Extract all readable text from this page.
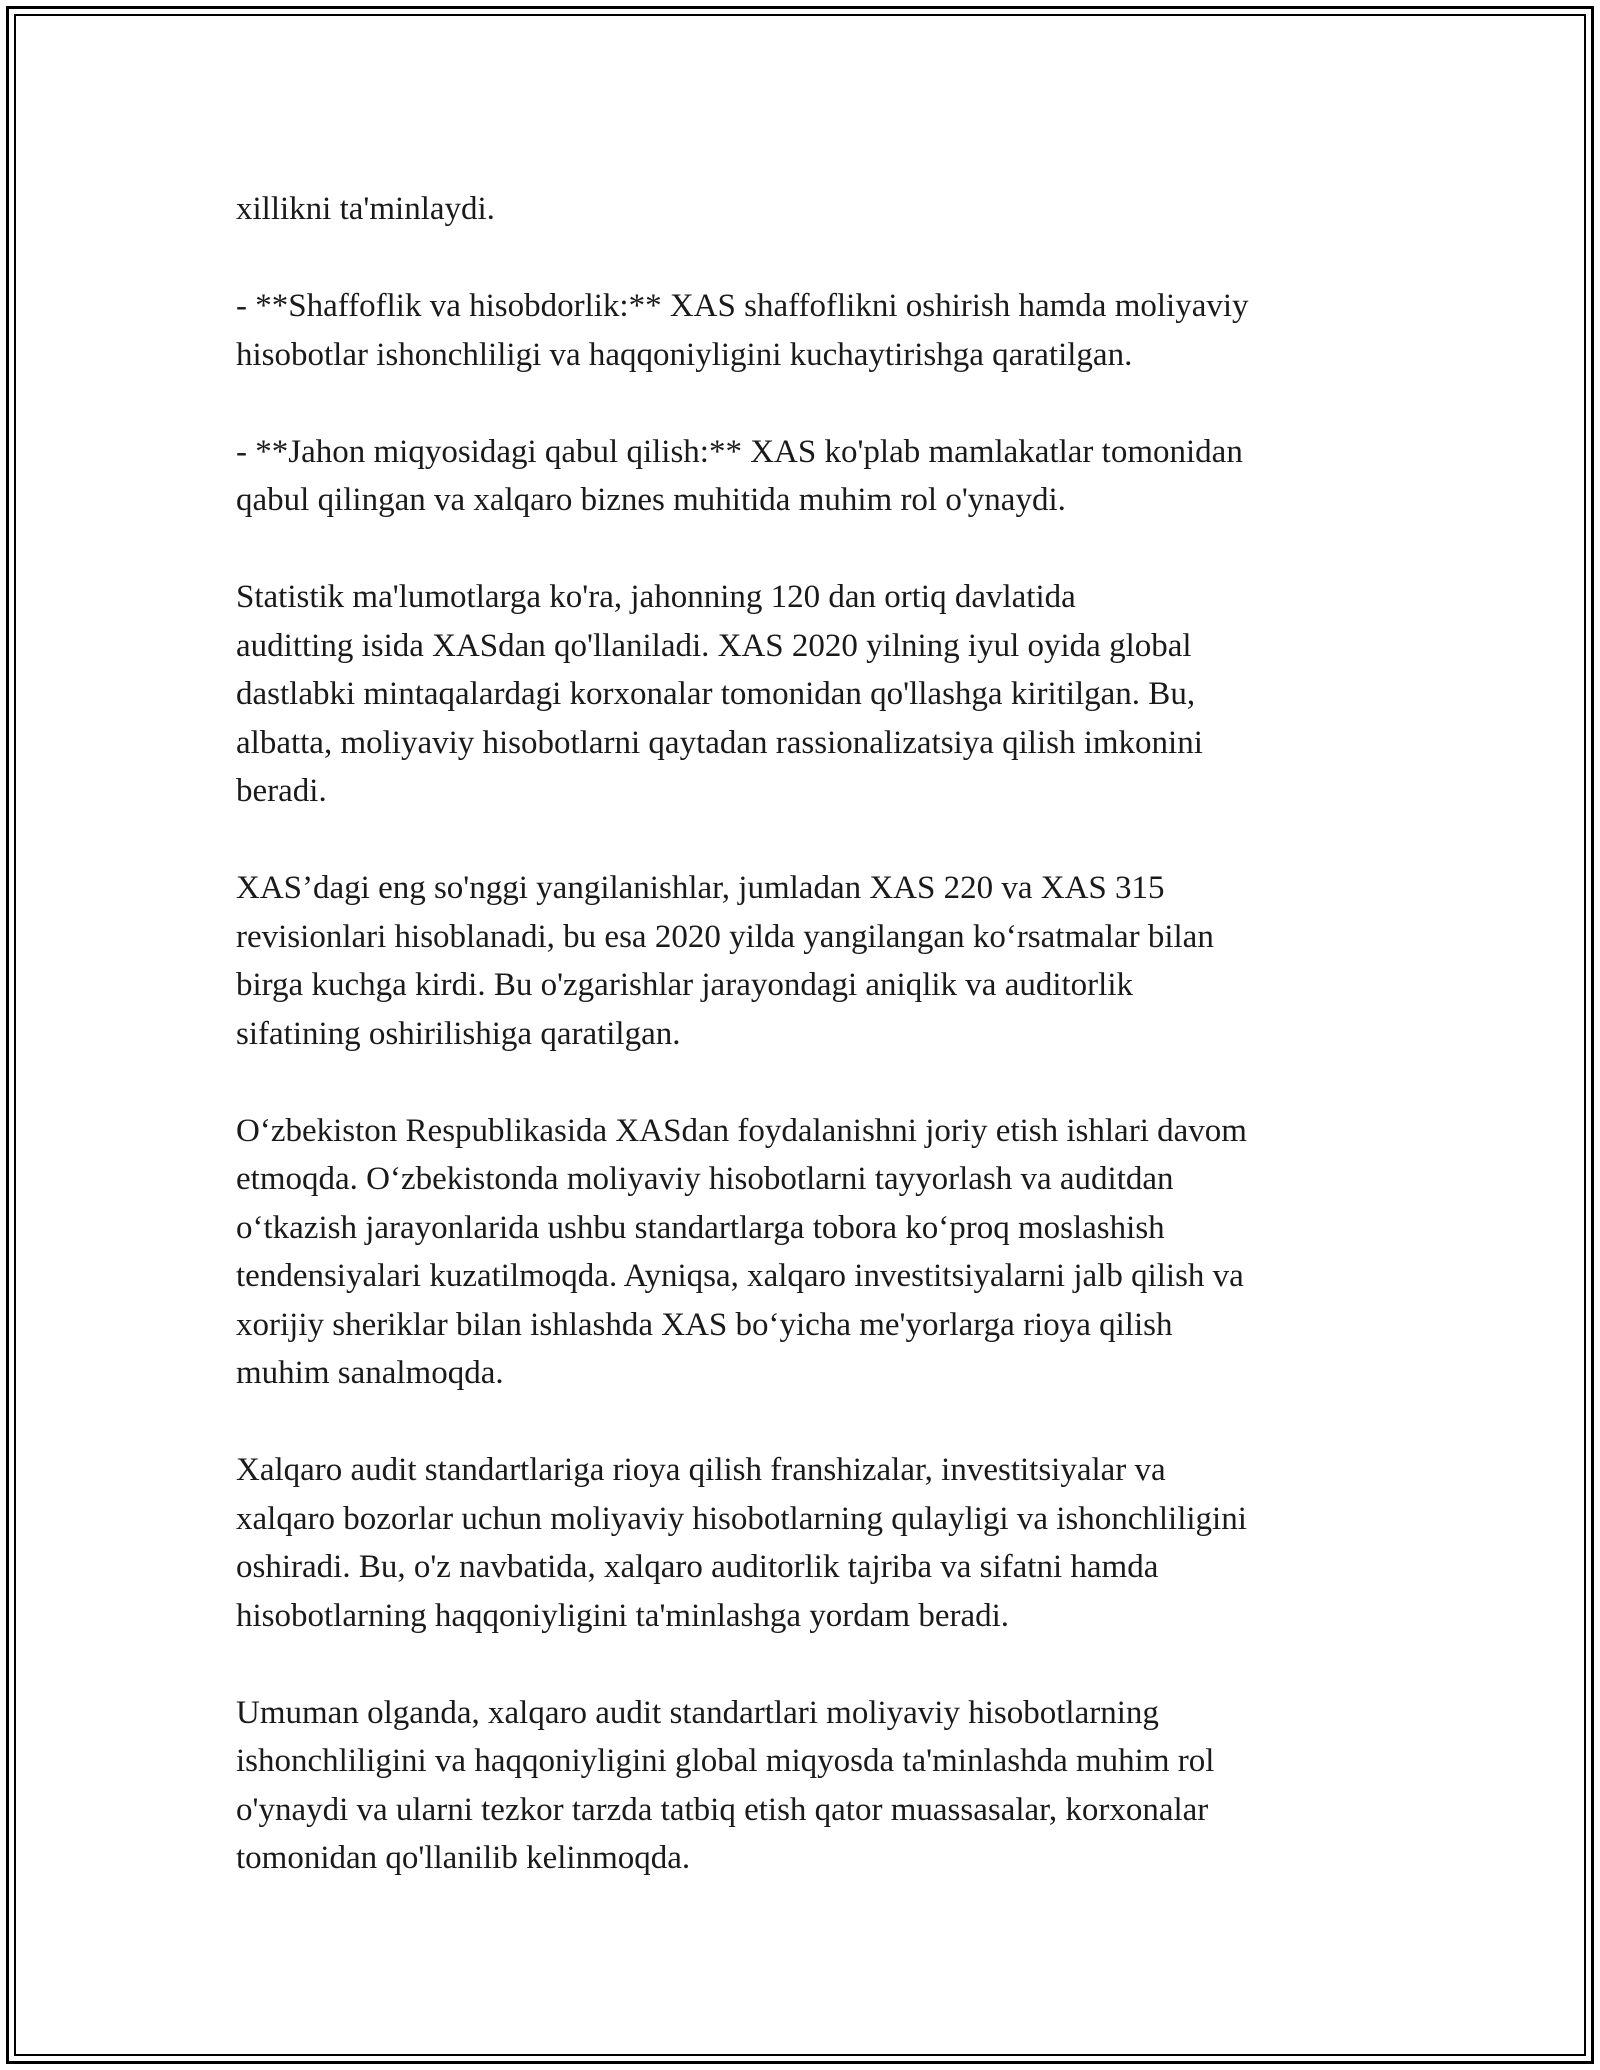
xillikni ta'minlaydi.

- **Shaffoflik va hisobdorlik:** XAS shaffoflikni oshirish hamda moliyaviy
hisobotlar ishonchliligi va haqqoniyligini kuchaytirishga qaratilgan.

- **Jahon miqyosidagi qabul qilish:** XAS ko'plab mamlakatlar tomonidan
qabul qilingan va xalqaro biznes muhitida muhim rol o'ynaydi.

Statistik ma'lumotlarga ko'ra, jahonning 120 dan ortiq davlatida
auditting isida XASdan qo'llaniladi. XAS 2020 yilning iyul oyida global
dastlabki mintaqalardagi korxonalar tomonidan qo'llashga kiritilgan. Bu,
albatta, moliyaviy hisobotlarni qaytadan rassionalizatsiya qilish imkonini
beradi.

XAS’dagi eng so'nggi yangilanishlar, jumladan XAS 220 va XAS 315
revisionlari hisoblanadi, bu esa 2020 yilda yangilangan ko‘rsatmalar bilan
birga kuchga kirdi. Bu o'zgarishlar jarayondagi aniqlik va auditorlik
sifatining oshirilishiga qaratilgan.

O‘zbekiston Respublikasida XASdan foydalanishni joriy etish ishlari davom
etmoqda. O‘zbekistonda moliyaviy hisobotlarni tayyorlash va auditdan
o‘tkazish jarayonlarida ushbu standartlarga tobora ko‘proq moslashish
tendensiyalari kuzatilmoqda. Ayniqsa, xalqaro investitsiyalarni jalb qilish va
xorijiy sheriklar bilan ishlashda XAS bo‘yicha me'yorlarga rioya qilish
muhim sanalmoqda.

Xalqaro audit standartlariga rioya qilish franshizalar, investitsiyalar va
xalqaro bozorlar uchun moliyaviy hisobotlarning qulayligi va ishonchliligini
oshiradi. Bu, o'z navbatida, xalqaro auditorlik tajriba va sifatni hamda
hisobotlarning haqqoniyligini ta'minlashga yordam beradi.

Umuman olganda, xalqaro audit standartlari moliyaviy hisobotlarning
ishonchliligini va haqqoniyligini global miqyosda ta'minlashda muhim rol
o'ynaydi va ularni tezkor tarzda tatbiq etish qator muassasalar, korxonalar
tomonidan qo'llanilib kelinmoqda.
